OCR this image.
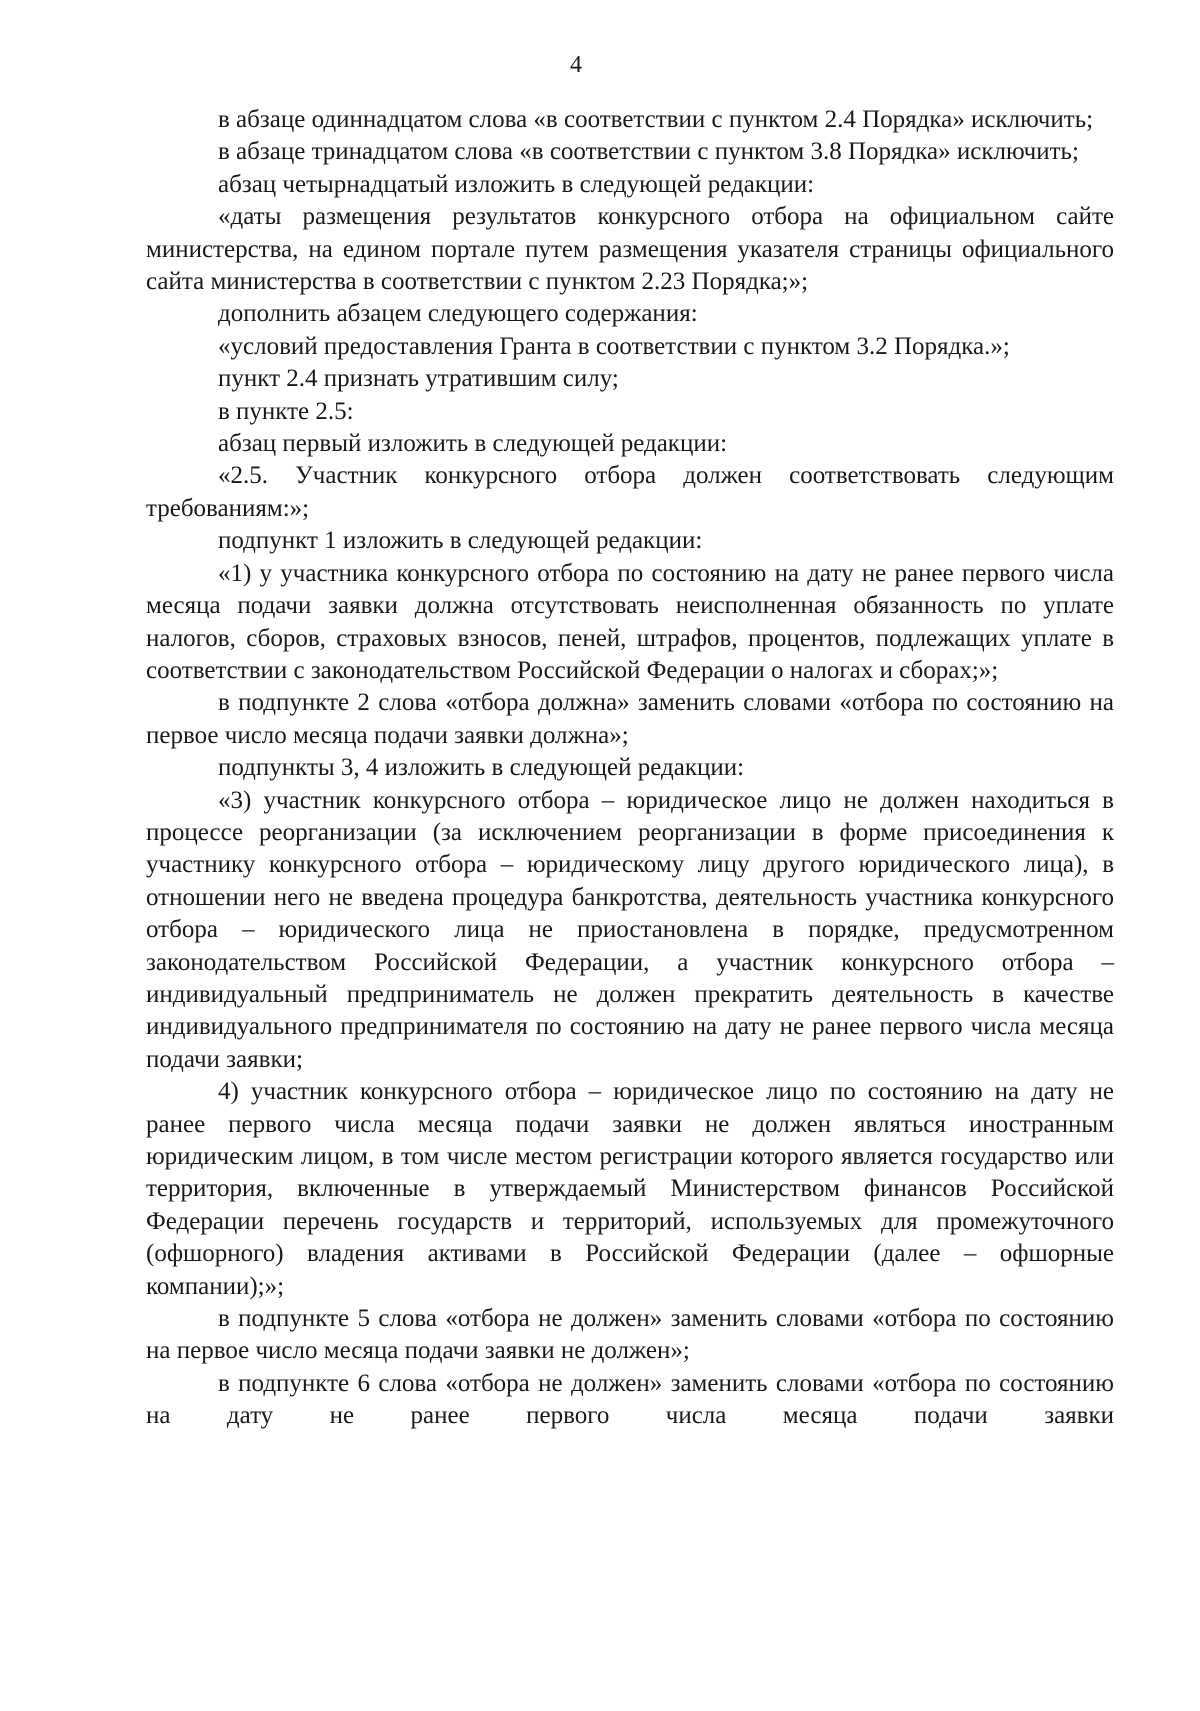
4

в абзаце одиннадцатом слова «в соответствии с пунктом 2.4 Порядка» исключить;

в абзаце тринадцатом слова «в соответствии с пунктом 3.8 Порядка» исключить;

абзац четырнадцатый изложить в следующей редакции:

«даты размещения результатов конкурсного отбора на официальном сайте министерства, на едином портале путем размещения указателя страницы официального сайта министерства в соответствии с пунктом 2.23 Порядка;»;

дополнить абзацем следующего содержания:

«условий предоставления Гранта в соответствии с пунктом 3.2 Порядка.»;

пункт 2.4 признать утратившим силу;

в пункте 2.5:

абзац первый изложить в следующей редакции:

«2.5. Участник конкурсного отбора должен соответствовать следующим требованиям:»;

подпункт 1 изложить в следующей редакции:

«1) у участника конкурсного отбора по состоянию на дату не ранее первого числа месяца подачи заявки должна отсутствовать неисполненная обязанность по уплате налогов, сборов, страховых взносов, пеней, штрафов, процентов, подлежащих уплате в соответствии с законодательством Российской Федерации о налогах и сборах;»;

в подпункте 2 слова «отбора должна» заменить словами «отбора по состоянию на первое число месяца подачи заявки должна»;

подпункты 3, 4 изложить в следующей редакции:

«3) участник конкурсного отбора – юридическое лицо не должен находиться в процессе реорганизации (за исключением реорганизации в форме присоединения к участнику конкурсного отбора – юридическому лицу другого юридического лица), в отношении него не введена процедура банкротства, деятельность участника конкурсного отбора – юридического лица не приостановлена в порядке, предусмотренном законодательством Российской Федерации, а участник конкурсного отбора – индивидуальный предприниматель не должен прекратить деятельность в качестве индивидуального предпринимателя по состоянию на дату не ранее первого числа месяца подачи заявки;

4) участник конкурсного отбора – юридическое лицо по состоянию на дату не ранее первого числа месяца подачи заявки не должен являться иностранным юридическим лицом, в том числе местом регистрации которого является государство или территория, включенные в утверждаемый Министерством финансов Российской Федерации перечень государств и территорий, используемых для промежуточного (офшорного) владения активами в Российской Федерации (далее – офшорные компании);»;

в подпункте 5 слова «отбора не должен» заменить словами «отбора по состоянию на первое число месяца подачи заявки не должен»;

в подпункте 6 слова «отбора не должен» заменить словами «отбора по состоянию на дату не ранее первого числа месяца подачи заявки
